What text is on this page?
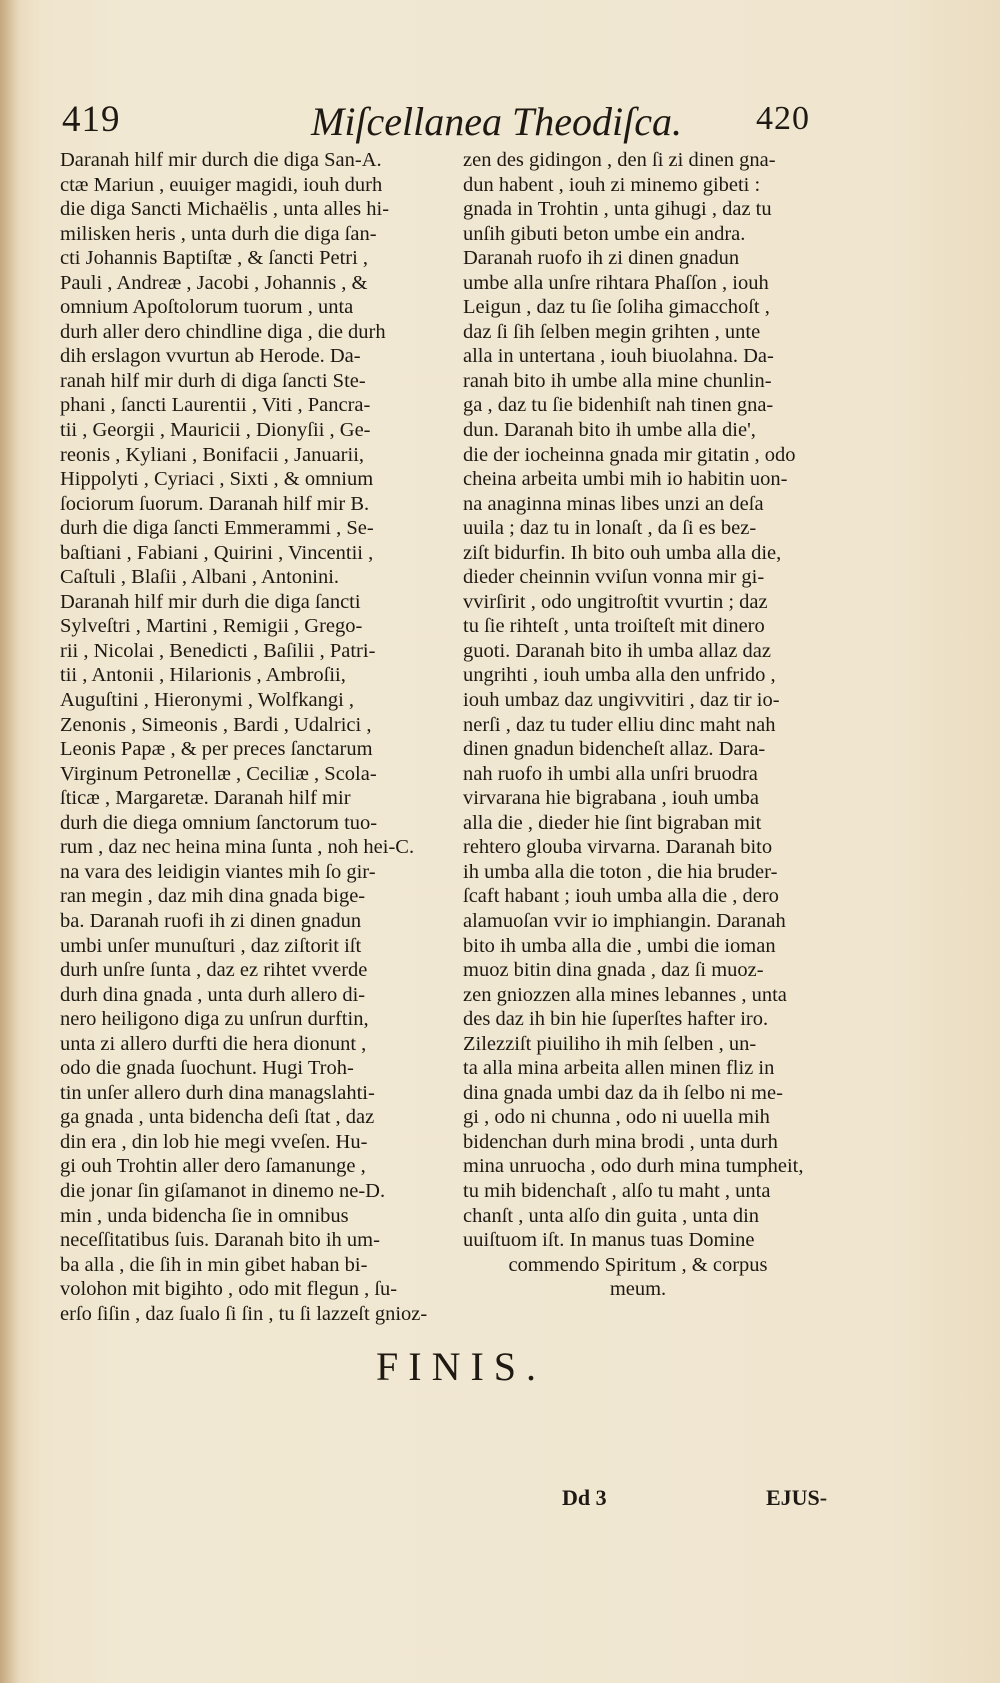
419	Miſcellanea Theodiſca. 420
Daranah hilf mir durch die diga San-A.
ctæ Mariun , euuiger magidi, iouh durh
die diga Sancti Michaëlis , unta alles hi-
milisken heris , unta durh die diga ſan-
cti Johannis Baptiſtæ , & ſancti Petri ,
Pauli , Andreæ , Jacobi , Johannis , &
omnium Apoſtolorum tuorum , unta
durh aller dero chindline diga , die durh
dih erslagon vvurtun ab Herode. Da-
ranah hilf mir durh di diga ſancti Ste-
phani , ſancti Laurentii , Viti , Pancra-
tii , Georgii , Mauricii , Dionyſii , Ge-
reonis , Kyliani , Bonifacii , Januarii,
Hippolyti , Cyriaci , Sixti , & omnium
ſociorum ſuorum. Daranah hilf mir B.
durh die diga ſancti Emmerammi , Se-
baſtiani , Fabiani , Quirini , Vincentii ,
Caſtuli , Blaſii , Albani , Antonini.
Daranah hilf mir durh die diga ſancti
Sylveſtri , Martini , Remigii , Grego-
rii , Nicolai , Benedicti , Baſilii , Patri-
tii , Antonii , Hilarionis , Ambroſii,
Auguſtini , Hieronymi , Wolfkangi ,
Zenonis , Simeonis , Bardi , Udalrici ,
Leonis Papæ , & per preces ſanctarum
Virginum Petronellæ , Ceciliæ , Scola-
ſticæ , Margaretæ. Daranah hilf mir
durh die diega omnium ſanctorum tuo-
rum , daz nec heina mina ſunta , noh hei-C.
na vara des leidigin viantes mih ſo gir-
ran megin , daz mih dina gnada bige-
ba. Daranah ruofi ih zi dinen gnadun
umbi unſer munuſturi , daz ziſtorit iſt
durh unſre ſunta , daz ez rihtet vverde
durh dina gnada , unta durh allero di-
nero heiligono diga zu unſrun durftin,
unta zi allero durfti die hera dionunt ,
odo die gnada ſuochunt. Hugi Troh-
tin unſer allero durh dina managslahti-
ga gnada , unta bidencha deſi ſtat , daz
din era , din lob hie megi vveſen. Hu-
gi ouh Trohtin aller dero ſamanunge ,
die jonar ſin giſamanot in dinemo ne-D.
min , unda bidencha ſie in omnibus
neceſſitatibus ſuis. Daranah bito ih um-
ba alla , die ſih in min gibet haban bi-
volohon mit bigihto , odo mit flegun , ſu-
erſo ſiſin , daz ſualo ſi ſin , tu ſi lazzeſt gnioz-
zen des gidingon , den ſi zi dinen gna-
dun habent , iouh zi minemo gibeti :
gnada in Trohtin , unta gihugi , daz tu
unſih gibuti beton umbe ein andra.
Daranah ruofo ih zi dinen gnadun
umbe alla unſre rihtara Phaſſon , iouh
Leigun , daz tu ſie ſoliha gimacchoſt ,
daz ſi ſih ſelben megin grihten , unte
alla in untertana , iouh biuolahna. Da-
ranah bito ih umbe alla mine chunlin-
ga , daz tu ſie bidenhiſt nah tinen gna-
dun. Daranah bito ih umbe alla die',
die der iocheinna gnada mir gitatin , odo
cheina arbeita umbi mih io habitin uon-
na anaginna minas libes unzi an deſa
uuila ; daz tu in lonaſt , da ſi es bez-
ziſt bidurfin. Ih bito ouh umba alla die,
dieder cheinnin vviſun vonna mir gi-
vvirſirit , odo ungitroſtit vvurtin ; daz
tu ſie rihteſt , unta troiſteſt mit dinero
guoti. Daranah bito ih umba allaz daz
ungrihti , iouh umba alla den unfrido ,
iouh umbaz daz ungivvitiri , daz tir io-
nerſi , daz tu tuder elliu dinc maht nah
dinen gnadun bidencheſt allaz. Dara-
nah ruofo ih umbi alla unſri bruodra
virvarana hie bigrabana , iouh umba
alla die , dieder hie ſint bigraban mit
rehtero glouba virvarna. Daranah bito
ih umba alla die toton , die hia bruder-
ſcaft habant ; iouh umba alla die , dero
alamuoſan vvir io imphiangin. Daranah
bito ih umba alla die , umbi die ioman
muoz bitin dina gnada , daz ſi muoz-
zen gniozzen alla mines lebannes , unta
des daz ih bin hie ſuperſtes hafter iro.
Zilezziſt piuiliho ih mih ſelben , un-
ta alla mina arbeita allen minen fliz in
dina gnada umbi daz da ih ſelbo ni me-
gi , odo ni chunna , odo ni uuella mih
bidenchan durh mina brodi , unta durh
mina unruocha , odo durh mina tumpheit,
tu mih bidenchaſt , alſo tu maht , unta
chanſt , unta alſo din guita , unta din
uuiſtuom iſt. In manus tuas Domine
commendo Spiritum , & corpus
meum.
FINIS.
Dd 3	EJUS-
